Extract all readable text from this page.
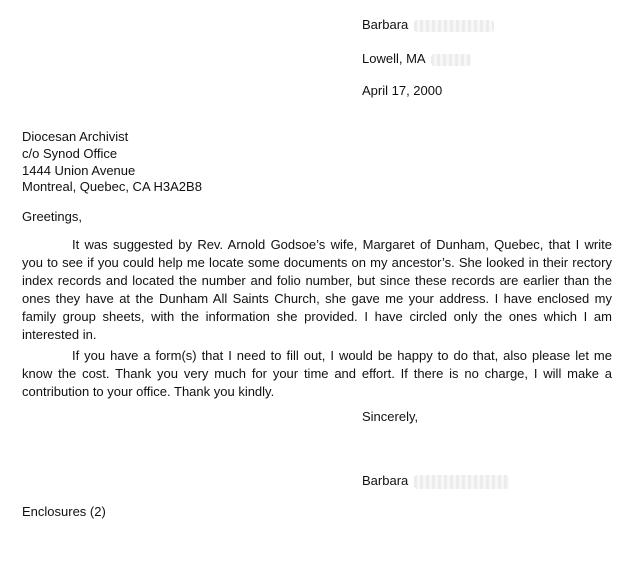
Barbara
Lowell, MA
April 17, 2000
Diocesan Archivist
c/o Synod Office
1444 Union Avenue
Montreal, Quebec, CA H3A2B8
Greetings,
It was suggested by Rev. Arnold Godsoe’s wife, Margaret of Dunham, Quebec, that I write you to see if you could help me locate some documents on my ancestor’s. She looked in their rectory index records and located the number and folio number, but since these records are earlier than the ones they have at the Dunham All Saints Church, she gave me your address. I have enclosed my family group sheets, with the information she provided. I have circled only the ones which I am interested in.
If you have a form(s) that I need to fill out, I would be happy to do that, also please let me know the cost. Thank you very much for your time and effort. If there is no charge, I will make a contribution to your office. Thank you kindly.
Sincerely,
Barbara
Enclosures (2)
